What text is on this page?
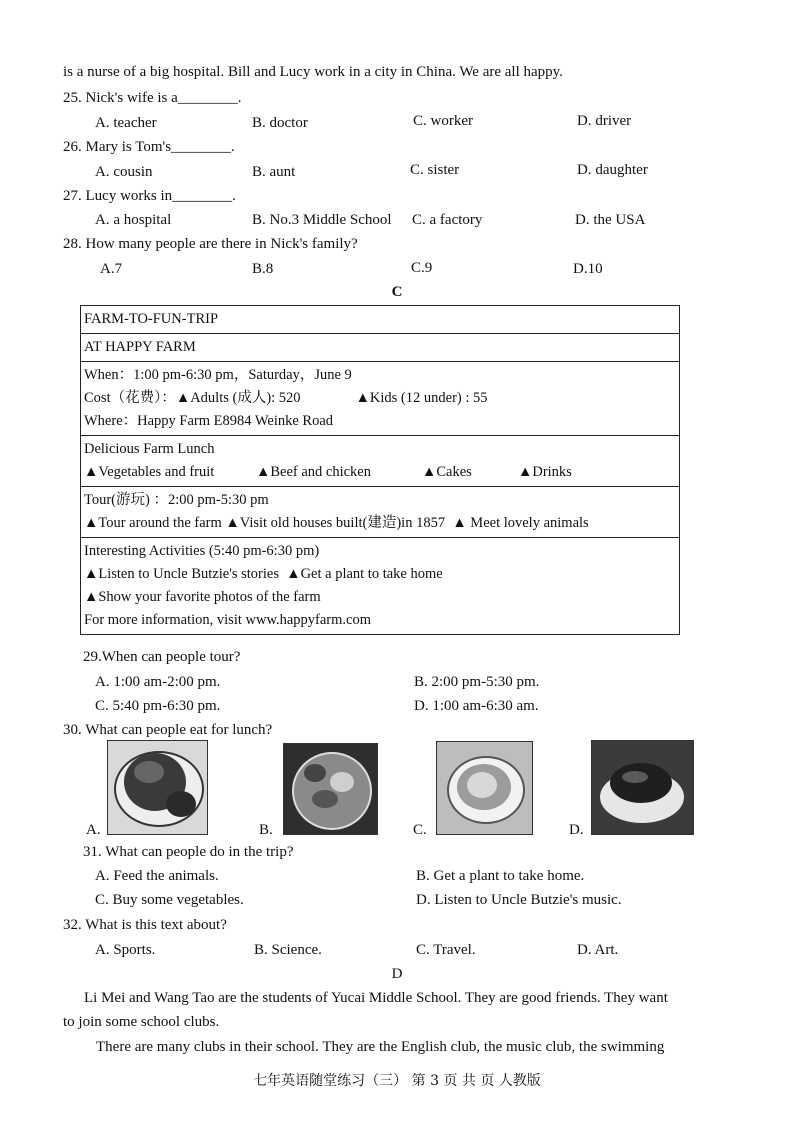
is a nurse of a big hospital. Bill and Lucy work in a city in China. We are all happy.
25. Nick's wife is a________.
A. teacher	B. doctor	C. worker	D. driver
26. Mary is Tom's________.
A. cousin	B. aunt	C. sister	D. daughter
27. Lucy works in________.
A. a hospital	B. No.3 Middle School C. a factory	D. the USA
28. How many people are there in Nick's family?
A.7	B.8	C.9	D.10
C
FARM-TO-FUN-TRIP
AT HAPPY FARM

When：1:00 pm-6:30 pm，Saturday，June 9
Cost（花费）：▲Adults (成人): 520	▲Kids (12 under) : 55
Where：Happy Farm E8984 Weinke Road

Delicious Farm Lunch
▲Vegetables and fruit	▲Beef and chicken	▲Cakes	▲Drinks

Tour(游玩) ：2:00 pm-5:30 pm
▲Tour around the farm ▲Visit old houses built(建造)in 1857 ▲ Meet lovely animals

Interesting Activities (5:40 pm-6:30 pm)
▲Listen to Uncle Butzie's stories ▲Get a plant to take home
▲Show your favorite photos of the farm
For more information, visit www.happyfarm.com
29.When can people tour?
A. 1:00 am-2:00 pm.	B. 2:00 pm-5:30 pm.
C. 5:40 pm-6:30 pm.	D. 1:00 am-6:30 am.
30. What can people eat for lunch?
A.	B.	C.	D.
31. What can people do in the trip?
A. Feed the animals.	B. Get a plant to take home.
C. Buy some vegetables.	D. Listen to Uncle Butzie's music.
32. What is this text about?
A. Sports.	B. Science.	C. Travel.	D. Art.
D
Li Mei and Wang Tao are the students of Yucai Middle School. They are good friends. They want
to join some school clubs.
There are many clubs in their school. They are the English club, the music club, the swimming
七年英语随堂练习（三） 第 3 页 共 页 人教版
